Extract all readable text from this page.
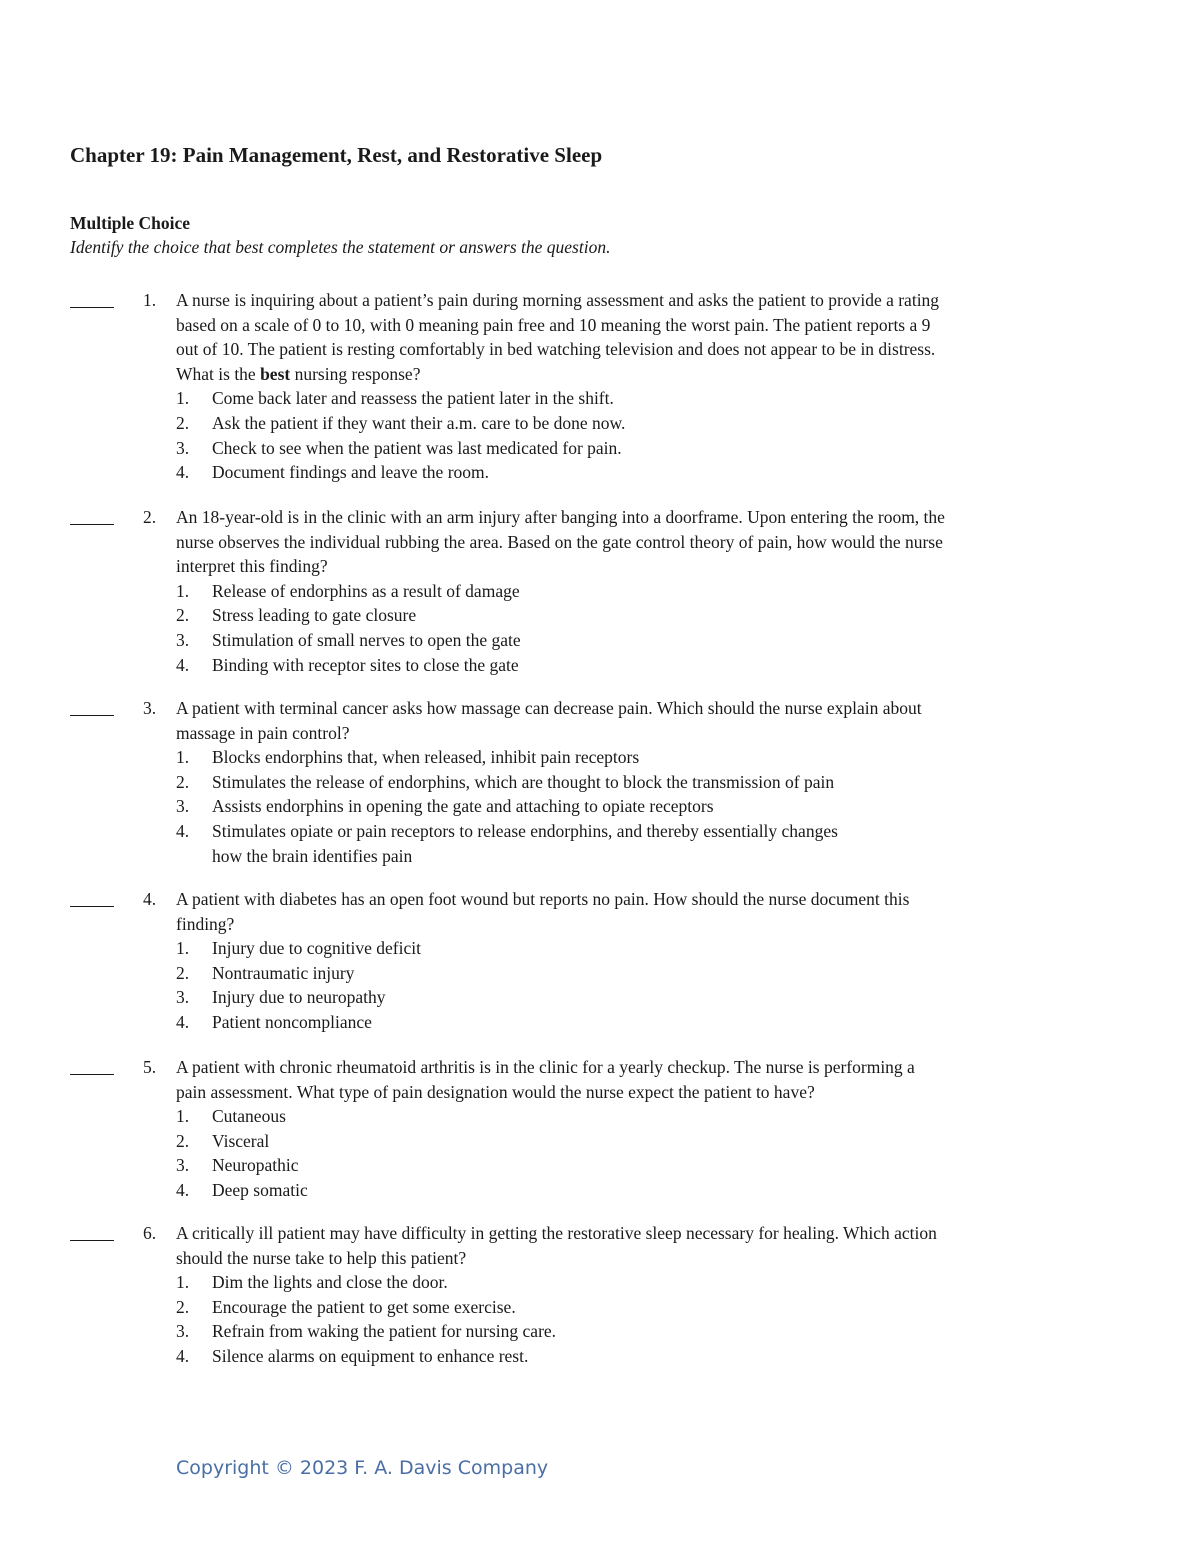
Chapter 19: Pain Management, Rest, and Restorative Sleep
Multiple Choice
Identify the choice that best completes the statement or answers the question.
1. A nurse is inquiring about a patient’s pain during morning assessment and asks the patient to provide a rating
based on a scale of 0 to 10, with 0 meaning pain free and 10 meaning the worst pain. The patient reports a 9
out of 10. The patient is resting comfortably in bed watching television and does not appear to be in distress.
What is the best nursing response?
1.	Come back later and reassess the patient later in the shift.
2.	Ask the patient if they want their a.m. care to be done now.
3.	Check to see when the patient was last medicated for pain.
4.	Document findings and leave the room.
2. An 18-year-old is in the clinic with an arm injury after banging into a doorframe. Upon entering the room, the
nurse observes the individual rubbing the area. Based on the gate control theory of pain, how would the nurse
interpret this finding?
1.	Release of endorphins as a result of damage
2.	Stress leading to gate closure
3.	Stimulation of small nerves to open the gate
4.	Binding with receptor sites to close the gate
3. A patient with terminal cancer asks how massage can decrease pain. Which should the nurse explain about
massage in pain control?
1.	Blocks endorphins that, when released, inhibit pain receptors
2.	Stimulates the release of endorphins, which are thought to block the transmission of pain
3.	Assists endorphins in opening the gate and attaching to opiate receptors
4.	Stimulates opiate or pain receptors to release endorphins, and thereby essentially changes
how the brain identifies pain
4. A patient with diabetes has an open foot wound but reports no pain. How should the nurse document this
finding?
1.	Injury due to cognitive deficit
2.	Nontraumatic injury
3.	Injury due to neuropathy
4.	Patient noncompliance
5. A patient with chronic rheumatoid arthritis is in the clinic for a yearly checkup. The nurse is performing a
pain assessment. What type of pain designation would the nurse expect the patient to have?
1.	Cutaneous
2.	Visceral
3.	Neuropathic
4.	Deep somatic
6. A critically ill patient may have difficulty in getting the restorative sleep necessary for healing. Which action
should the nurse take to help this patient?
1.	Dim the lights and close the door.
2.	Encourage the patient to get some exercise.
3.	Refrain from waking the patient for nursing care.
4.	Silence alarms on equipment to enhance rest.
Copyright © 2023 F. A. Davis Company
